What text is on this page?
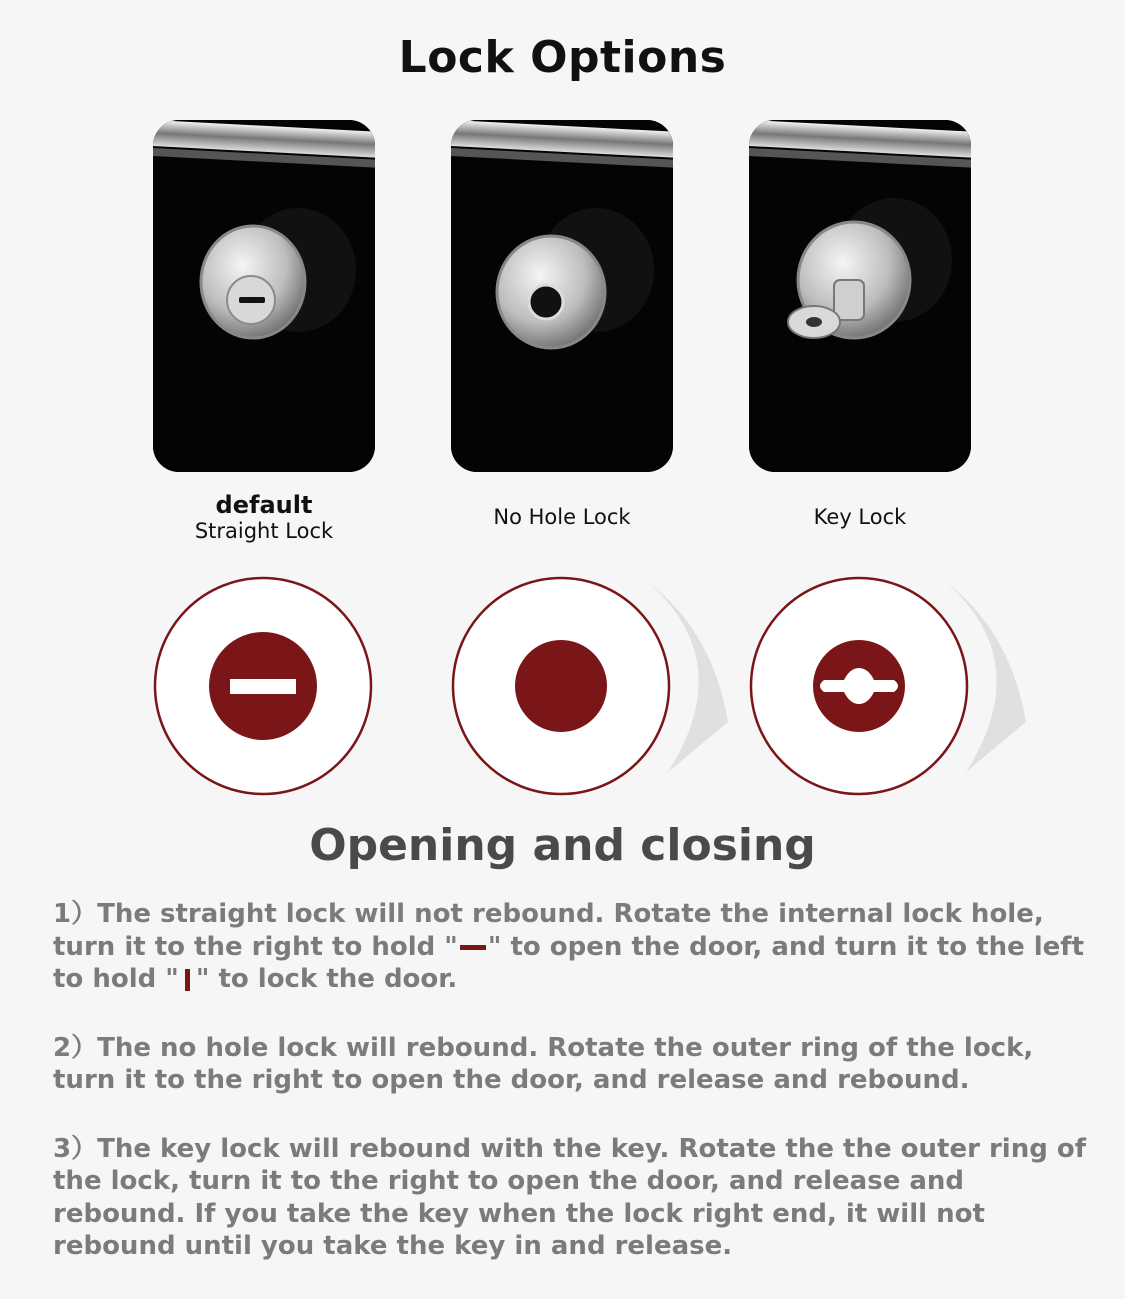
Lock Options
default
Straight Lock
No Hole Lock	Key Lock
Opening and closing

1）The straight lock will not rebound. Rotate the internal lock hole, turn it to the right to hold " " to open the door, and turn it to the left to hold " " to lock the door.

2）The no hole lock will rebound. Rotate the outer ring of the lock, turn it to the right to open the door, and release and rebound.

3）The key lock will rebound with the key. Rotate the the outer ring of the lock, turn it to the right to open the door, and release and rebound. If you take the key when the lock right end, it will not rebound until you take the key in and release.
